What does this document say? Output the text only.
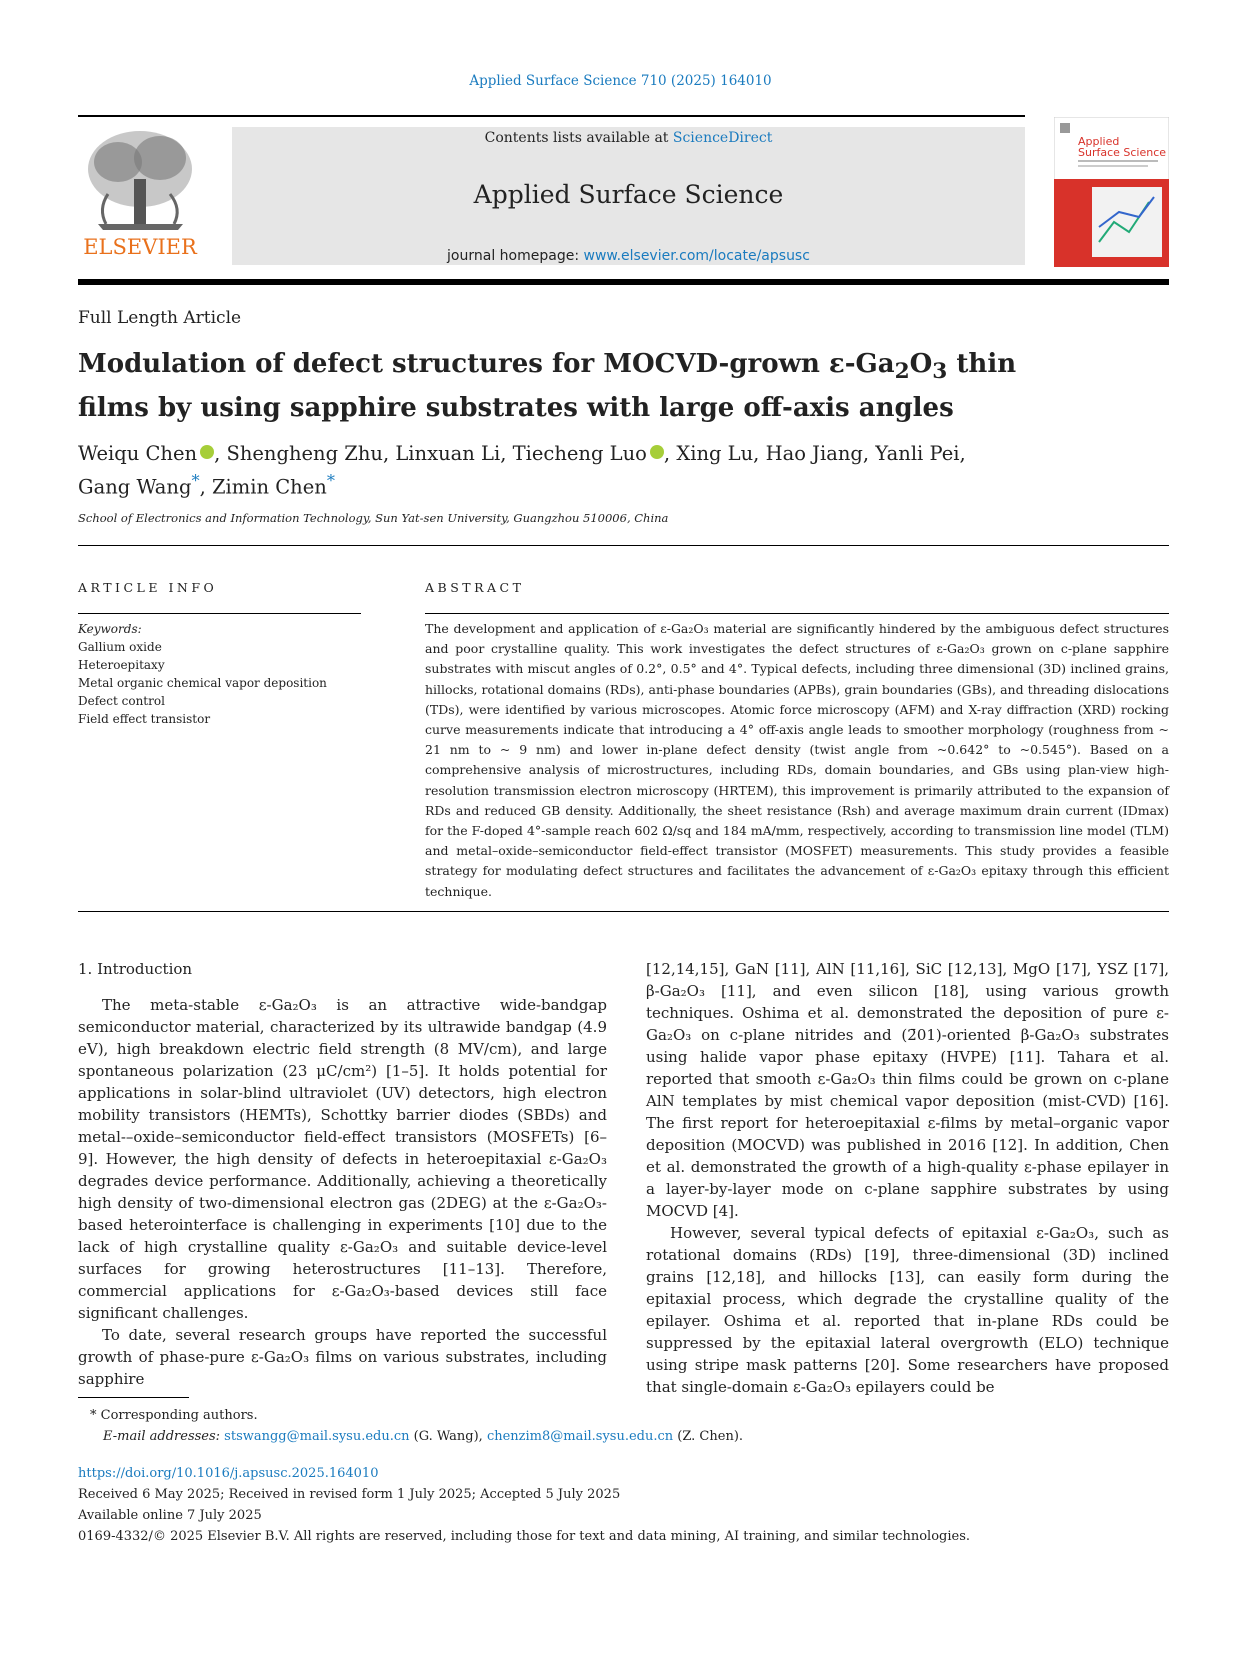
Applied Surface Science 710 (2025) 164010
ELSEVIER
Contents lists available at ScienceDirect
Applied Surface Science
journal homepage: www.elsevier.com/locate/apsusc
Applied
Surface Science
Full Length Article
Modulation of defect structures for MOCVD-grown $\varepsilon-Ga_2O_3$ thin films by using sapphire substrates with large off-axis angles
Weiqu Chen , Shengheng Zhu, Linxuan Li, Tiecheng Luo , Xing Lu, Hao Jiang, Yanli Pei,
Gang Wang*, Zimin Chen*
School of Electronics and Information Technology, Sun Yat-sen University, Guangzhou 510006, China
ARTICLE INFO	ABSTRACT
Keywords:
Gallium oxide
Heteroepitaxy
Metal organic chemical vapor deposition
Defect control
Field effect transistor
The development and application of ε-Ga₂O₃ material are significantly hindered by the ambiguous defect structures and poor crystalline quality. This work investigates the defect structures of ε-Ga₂O₃ grown on c-plane sapphire substrates with miscut angles of 0.2°, 0.5° and 4°. Typical defects, including three dimensional (3D) inclined grains, hillocks, rotational domains (RDs), anti-phase boundaries (APBs), grain boundaries (GBs), and threading dislocations (TDs), were identified by various microscopes. Atomic force microscopy (AFM) and X-ray diffraction (XRD) rocking curve measurements indicate that introducing a 4° off-axis angle leads to smoother morphology (roughness from ~ 21 nm to ~ 9 nm) and lower in-plane defect density (twist angle from ~0.642° to ~0.545°). Based on a comprehensive analysis of microstructures, including RDs, domain boundaries, and GBs using plan-view high-resolution transmission electron microscopy (HRTEM), this improvement is primarily attributed to the expansion of RDs and reduced GB density. Additionally, the sheet resistance (Rsh) and average maximum drain current (IDmax) for the F-doped 4°-sample reach 602 Ω/sq and 184 mA/mm, respectively, according to transmission line model (TLM) and metal–oxide–semiconductor field-effect transistor (MOSFET) measurements. This study provides a feasible strategy for modulating defect structures and facilitates the advancement of ε-Ga₂O₃ epitaxy through this efficient technique.

1. Introduction

The meta-stable ε-Ga₂O₃ is an attractive wide-bandgap semiconductor material, characterized by its ultrawide bandgap (4.9 eV), high breakdown electric field strength (8 MV/cm), and large spontaneous polarization (23 μC/cm²) [1–5]. It holds potential for applications in solar-blind ultraviolet (UV) detectors, high electron mobility transistors (HEMTs), Schottky barrier diodes (SBDs) and metal-–oxide–semiconductor field-effect transistors (MOSFETs) [6–9]. However, the high density of defects in heteroepitaxial ε-Ga₂O₃ degrades device performance. Additionally, achieving a theoretically high density of two-dimensional electron gas (2DEG) at the ε-Ga₂O₃-based heterointerface is challenging in experiments [10] due to the lack of high crystalline quality ε-Ga₂O₃ and suitable device-level surfaces for growing heterostructures [11–13]. Therefore, commercial applications for ε-Ga₂O₃-based devices still face significant challenges.

To date, several research groups have reported the successful growth of phase-pure ε-Ga₂O₃ films on various substrates, including sapphire

[12,14,15], GaN [11], AlN [11,16], SiC [12,13], MgO [17], YSZ [17], β-Ga₂O₃ [11], and even silicon [18], using various growth techniques. Oshima et al. demonstrated the deposition of pure ε-Ga₂O₃ on c-plane nitrides and (2̄01)-oriented β-Ga₂O₃ substrates using halide vapor phase epitaxy (HVPE) [11]. Tahara et al. reported that smooth ε-Ga₂O₃ thin films could be grown on c-plane AlN templates by mist chemical vapor deposition (mist-CVD) [16]. The first report for heteroepitaxial ε-films by metal–organic vapor deposition (MOCVD) was published in 2016 [12]. In addition, Chen et al. demonstrated the growth of a high-quality ε-phase epilayer in a layer-by-layer mode on c-plane sapphire substrates by using MOCVD [4].

However, several typical defects of epitaxial ε-Ga₂O₃, such as rotational domains (RDs) [19], three-dimensional (3D) inclined grains [12,18], and hillocks [13], can easily form during the epitaxial process, which degrade the crystalline quality of the epilayer. Oshima et al. reported that in-plane RDs could be suppressed by the epitaxial lateral overgrowth (ELO) technique using stripe mask patterns [20]. Some researchers have proposed that single-domain ε-Ga₂O₃ epilayers could be

* Corresponding authors.
E-mail addresses: stswangg@mail.sysu.edu.cn (G. Wang), chenzim8@mail.sysu.edu.cn (Z. Chen).
https://doi.org/10.1016/j.apsusc.2025.164010
Received 6 May 2025; Received in revised form 1 July 2025; Accepted 5 July 2025
Available online 7 July 2025
0169-4332/© 2025 Elsevier B.V. All rights are reserved, including those for text and data mining, AI training, and similar technologies.
